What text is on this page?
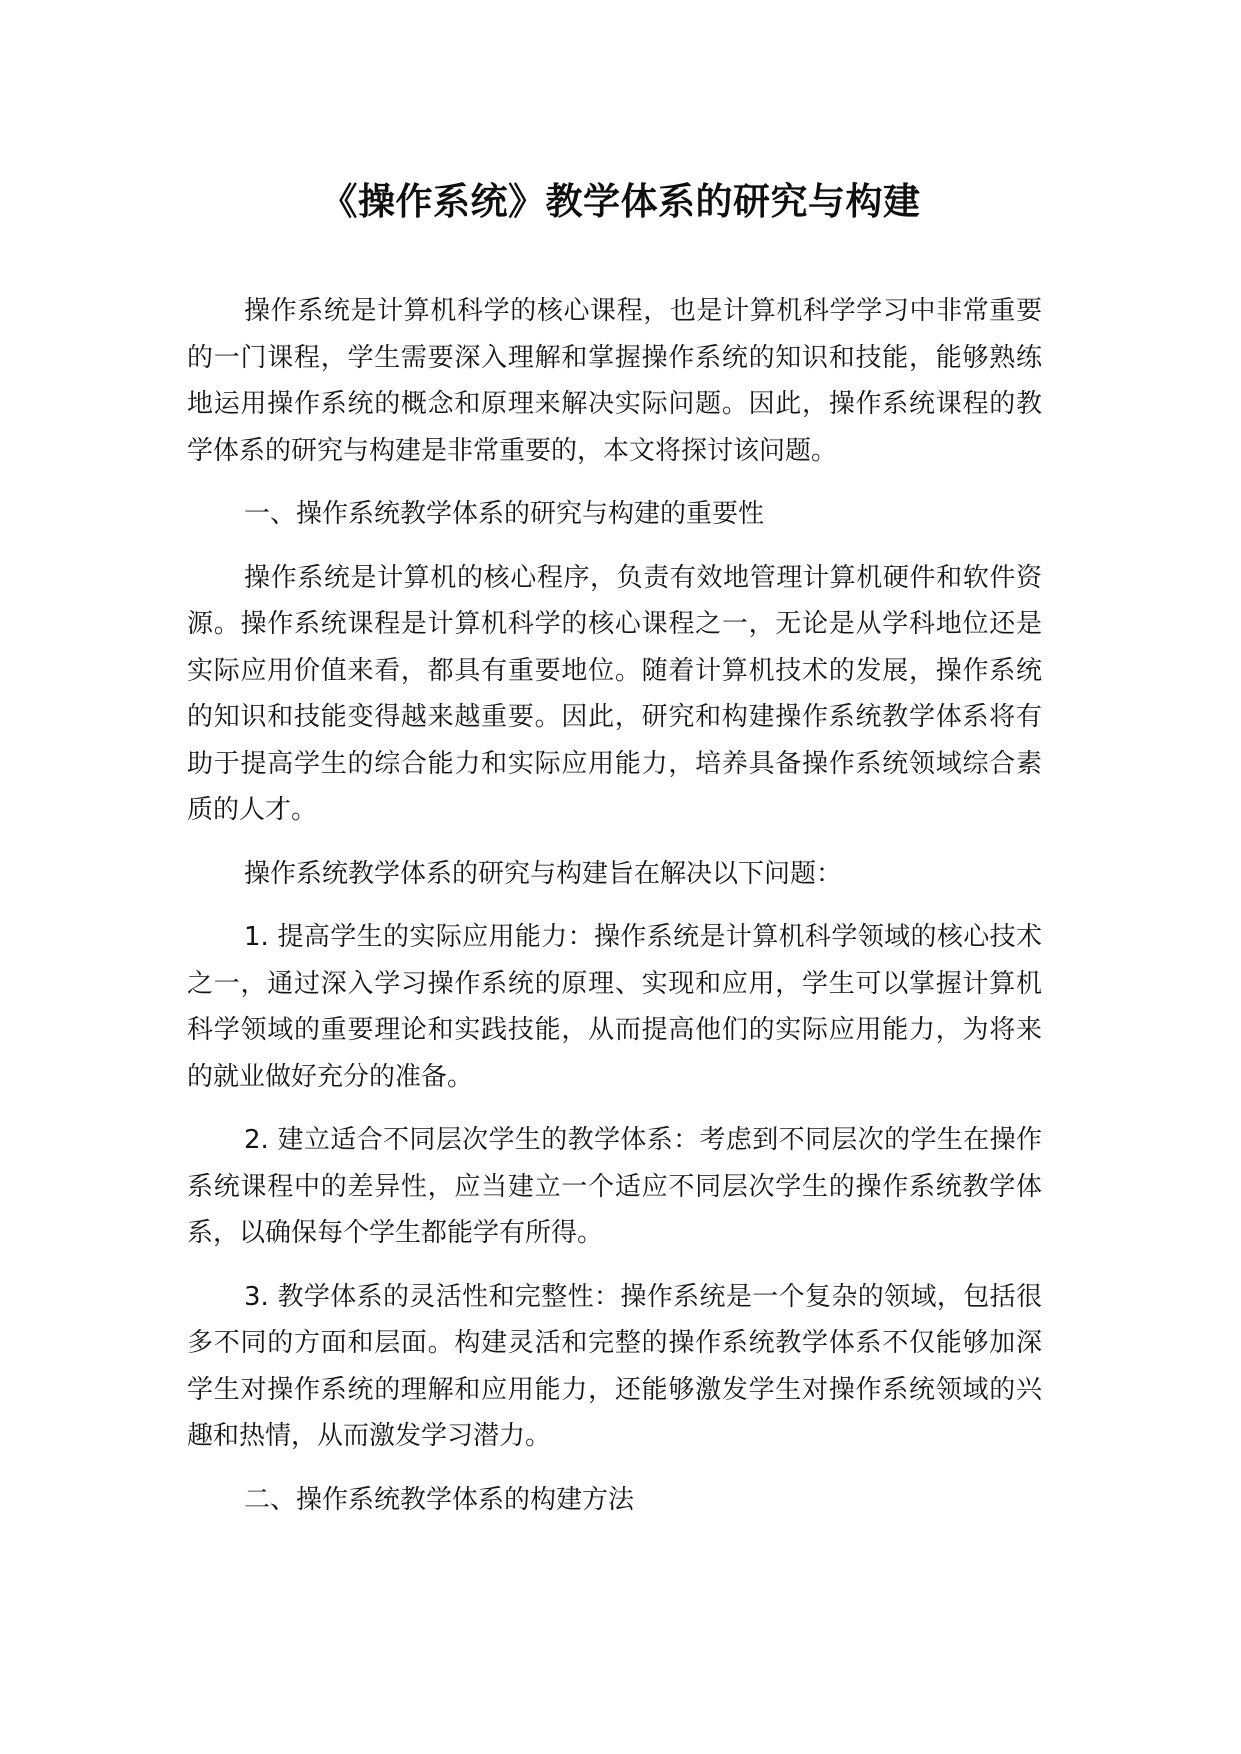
《操作系统》教学体系的研究与构建

操作系统是计算机科学的核心课程，也是计算机科学学习中非常重要的一门课程，学生需要深入理解和掌握操作系统的知识和技能，能够熟练地运用操作系统的概念和原理来解决实际问题。因此，操作系统课程的教学体系的研究与构建是非常重要的，本文将探讨该问题。

一、操作系统教学体系的研究与构建的重要性

操作系统是计算机的核心程序，负责有效地管理计算机硬件和软件资源。操作系统课程是计算机科学的核心课程之一，无论是从学科地位还是实际应用价值来看，都具有重要地位。随着计算机技术的发展，操作系统的知识和技能变得越来越重要。因此，研究和构建操作系统教学体系将有助于提高学生的综合能力和实际应用能力，培养具备操作系统领域综合素质的人才。

操作系统教学体系的研究与构建旨在解决以下问题：

1. 提高学生的实际应用能力：操作系统是计算机科学领域的核心技术之一，通过深入学习操作系统的原理、实现和应用，学生可以掌握计算机科学领域的重要理论和实践技能，从而提高他们的实际应用能力，为将来的就业做好充分的准备。

2. 建立适合不同层次学生的教学体系：考虑到不同层次的学生在操作系统课程中的差异性，应当建立一个适应不同层次学生的操作系统教学体系，以确保每个学生都能学有所得。

3. 教学体系的灵活性和完整性：操作系统是一个复杂的领域，包括很多不同的方面和层面。构建灵活和完整的操作系统教学体系不仅能够加深学生对操作系统的理解和应用能力，还能够激发学生对操作系统领域的兴趣和热情，从而激发学习潜力。

二、操作系统教学体系的构建方法
